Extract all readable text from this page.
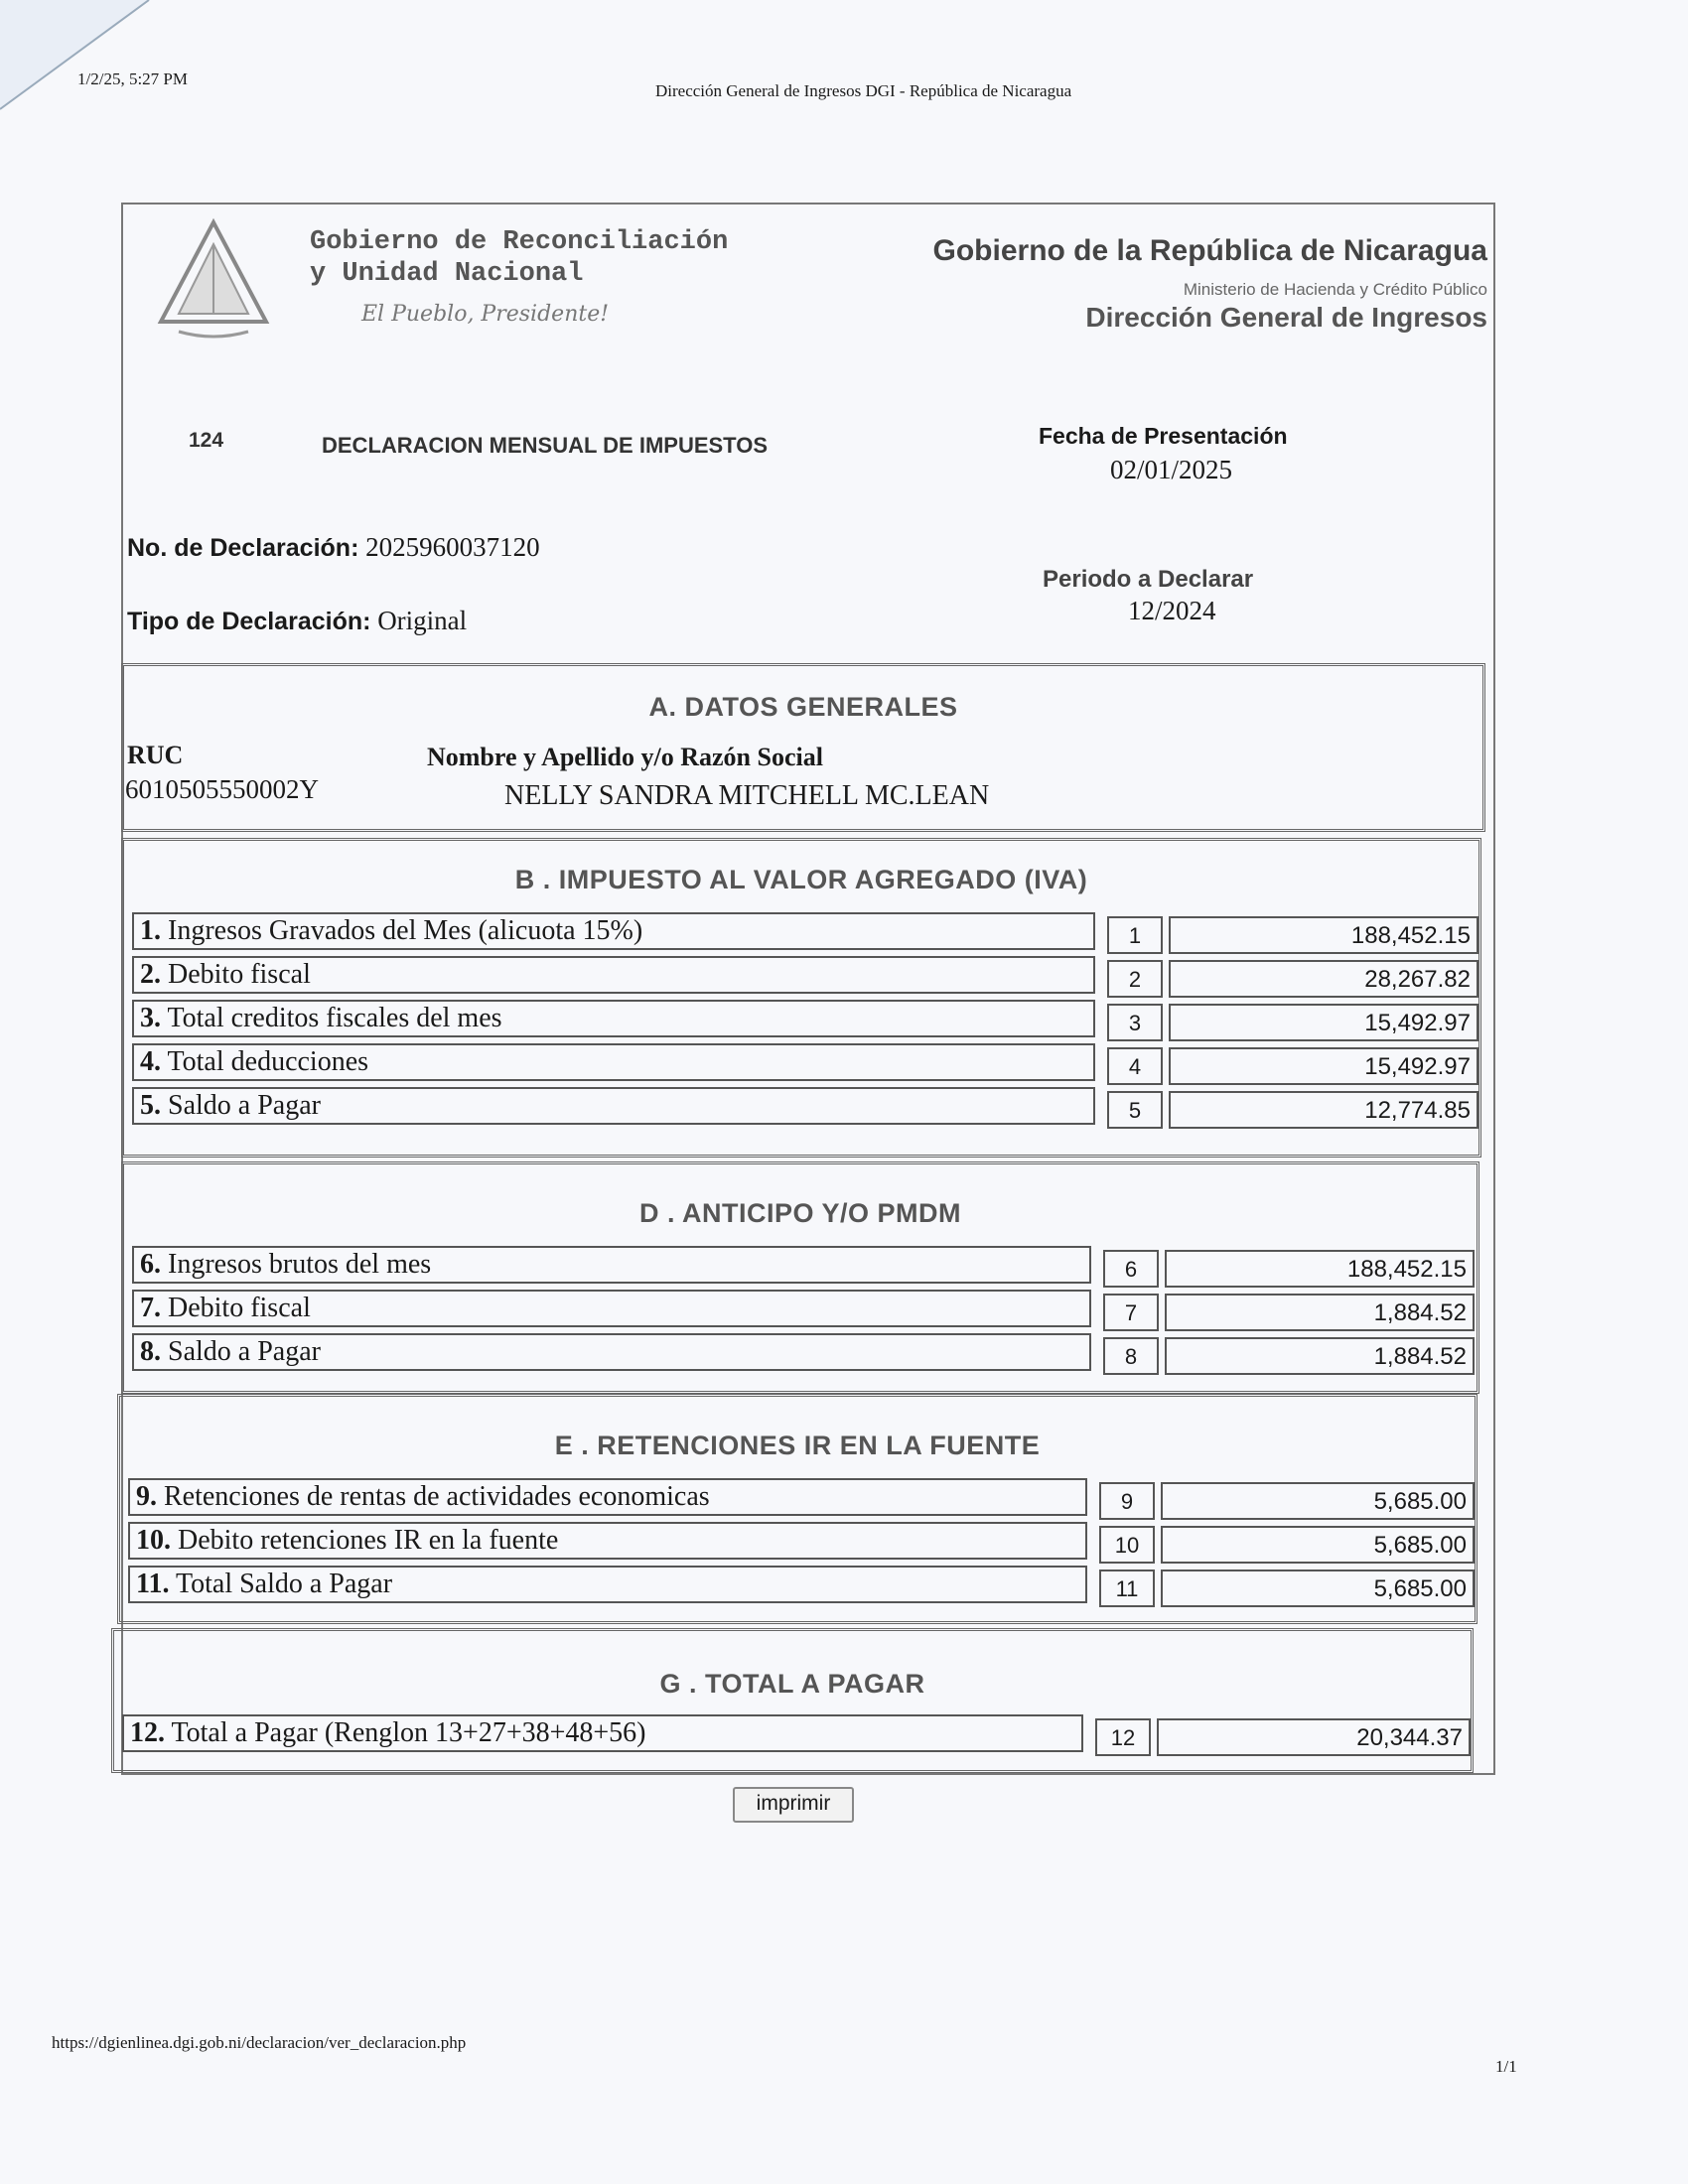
1/2/25, 5:27 PM
Dirección General de Ingresos DGI - República de Nicaragua
Gobierno de Reconciliación
y Unidad Nacional
El Pueblo, Presidente!
Gobierno de la República de Nicaragua
Ministerio de Hacienda y Crédito Público
Dirección General de Ingresos
124	DECLARACION MENSUAL DE IMPUESTOS	Fecha de Presentación
02/01/2025
No. de Declaración: 2025960037120
Tipo de Declaración: Original
Periodo a Declarar
12/2024
A. DATOS GENERALES
RUC	Nombre y Apellido y/o Razón Social
6010505550002Y	NELLY SANDRA MITCHELL MC.LEAN
B . IMPUESTO AL VALOR AGREGADO (IVA)
1. Ingresos Gravados del Mes (alicuota 15%)	1	188,452.15
2. Debito fiscal	2	28,267.82
3. Total creditos fiscales del mes	3	15,492.97
4. Total deducciones	4	15,492.97
5. Saldo a Pagar	5	12,774.85
D . ANTICIPO Y/O PMDM
6. Ingresos brutos del mes	6	188,452.15
7. Debito fiscal	7	1,884.52
8. Saldo a Pagar	8	1,884.52
E . RETENCIONES IR EN LA FUENTE
9. Retenciones de rentas de actividades economicas	9	5,685.00
10. Debito retenciones IR en la fuente	10	5,685.00
11. Total Saldo a Pagar	11	5,685.00
G . TOTAL A PAGAR
12. Total a Pagar (Renglon 13+27+38+48+56)	12	20,344.37
imprimir
https://dgienlinea.dgi.gob.ni/declaracion/ver_declaracion.php
1/1
